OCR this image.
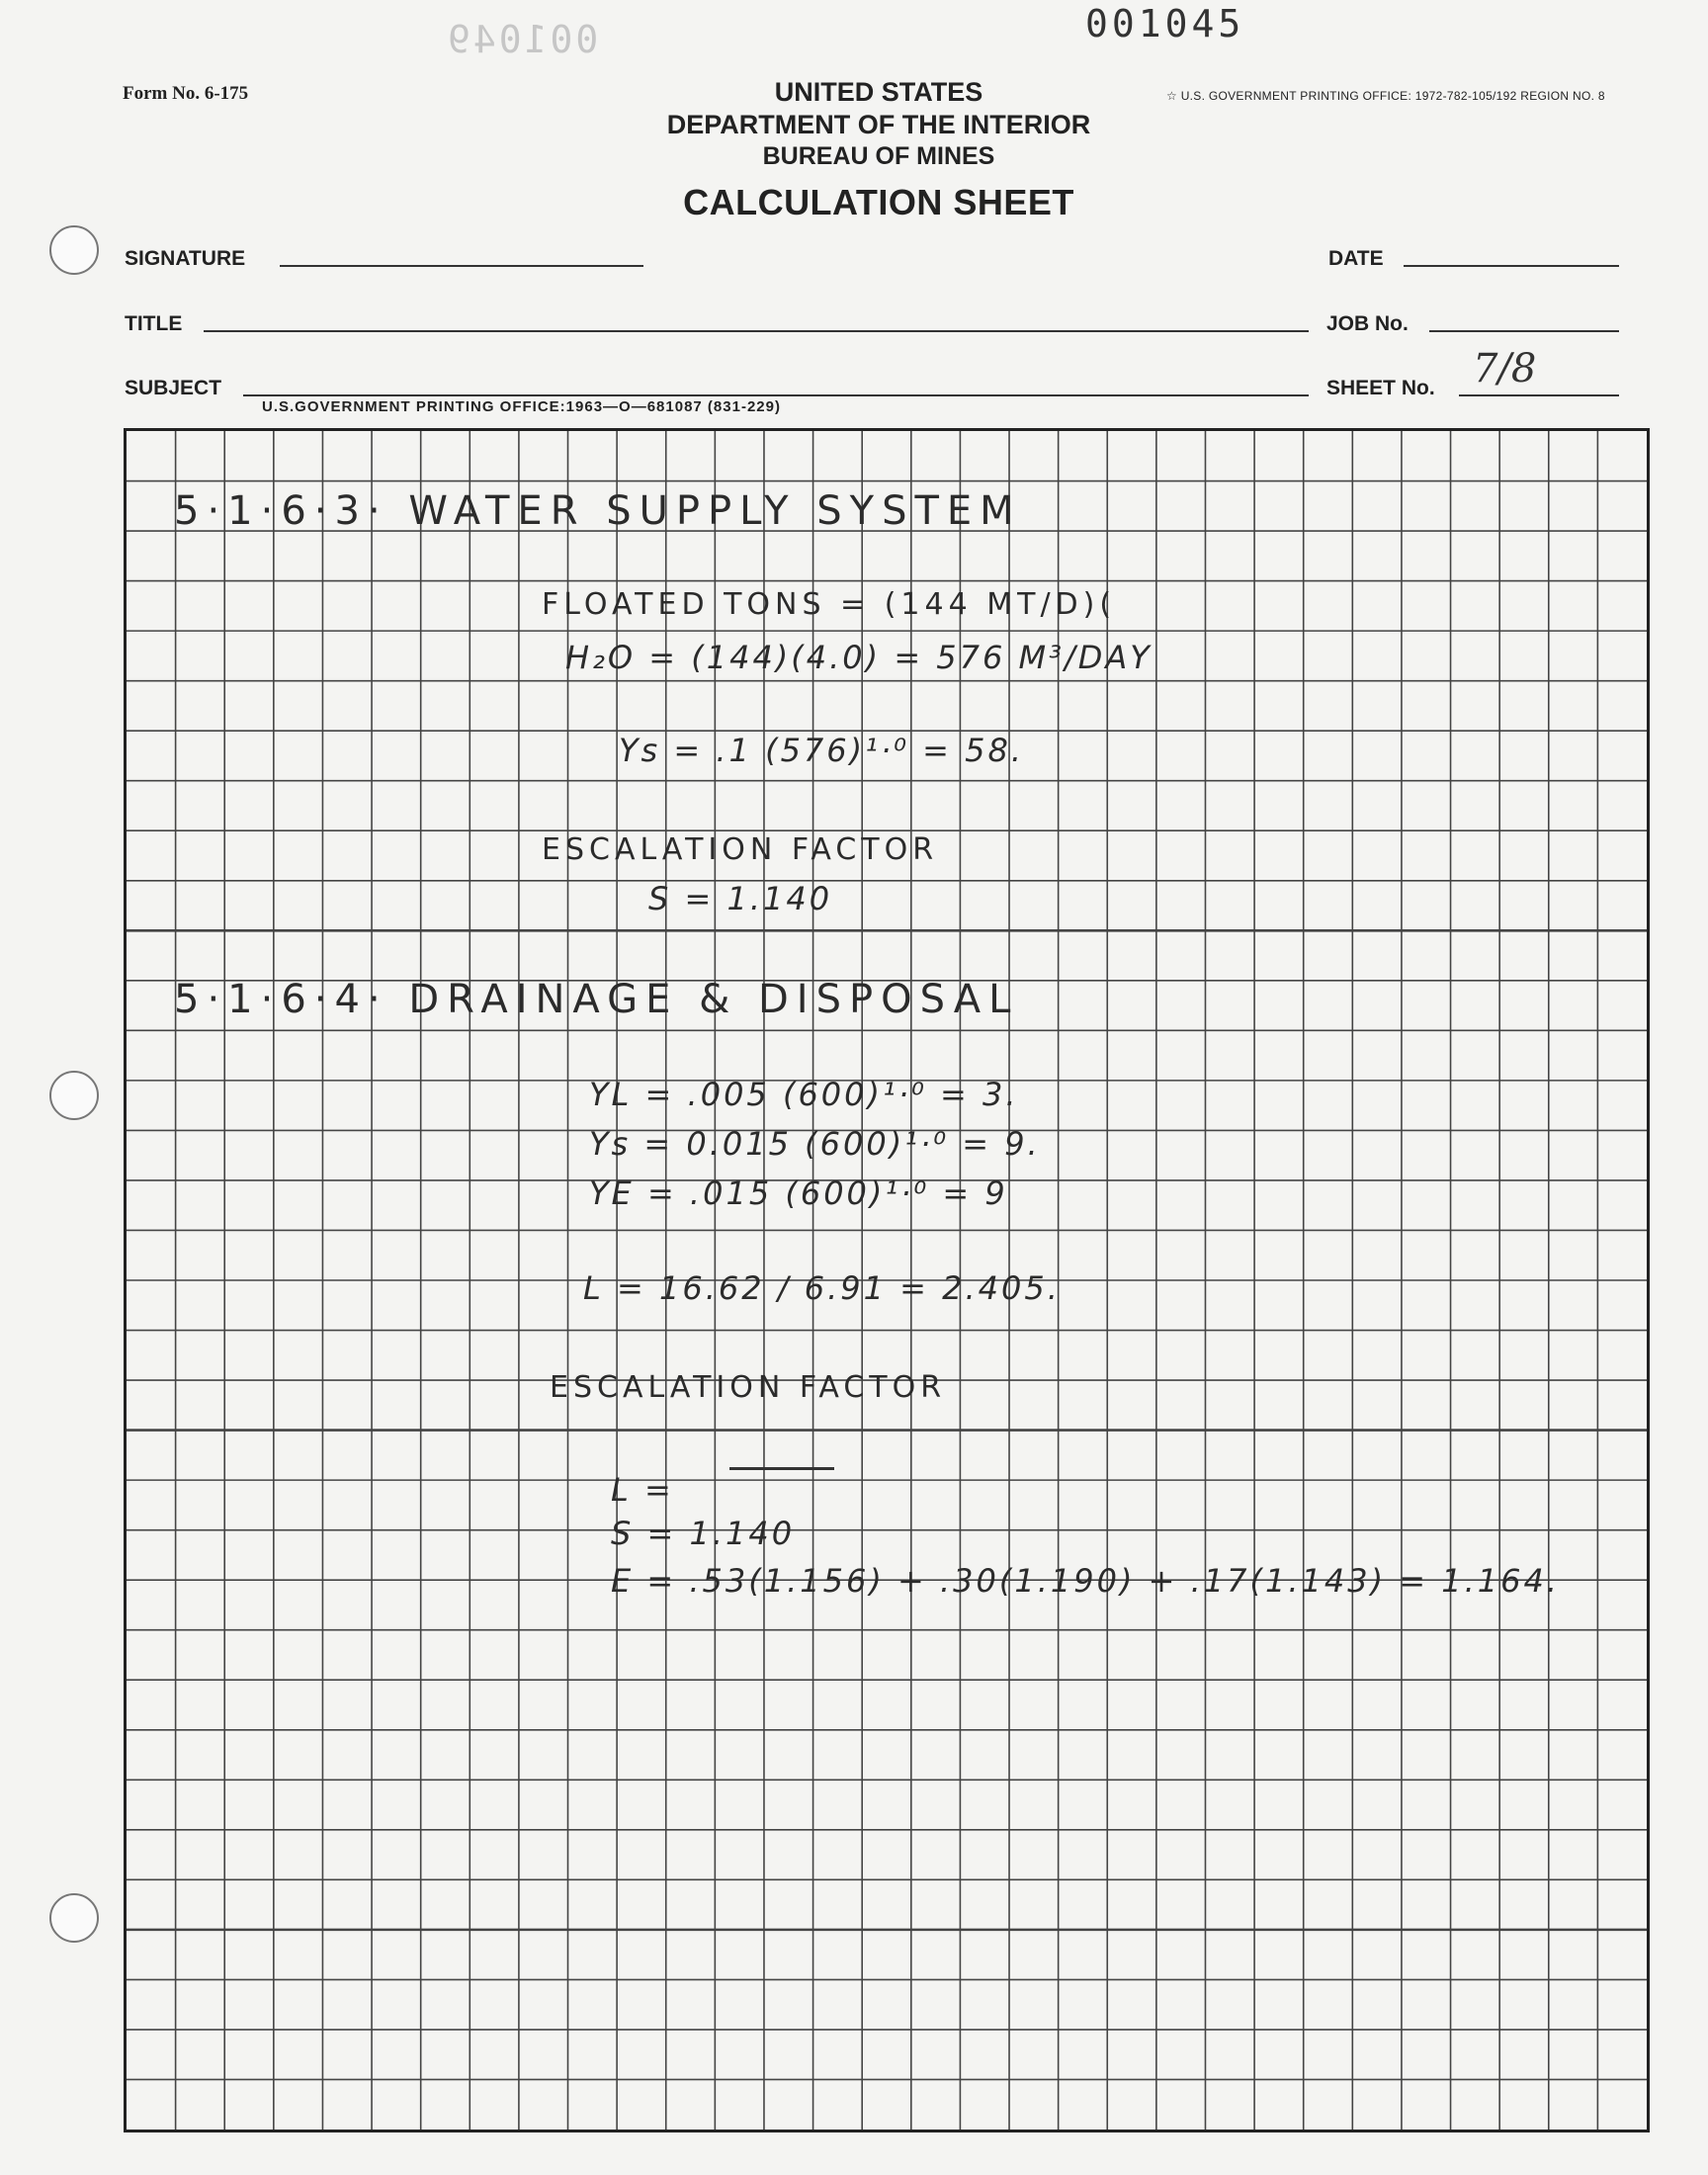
001049	001045
Form No. 6-175	☆ U.S. GOVERNMENT PRINTING OFFICE: 1972-782-105/192 REGION NO. 8
UNITED STATES
DEPARTMENT OF THE INTERIOR
BUREAU OF MINES
CALCULATION SHEET
SIGNATURE	DATE
TITLE	JOB No.
SUBJECT	SHEET No. 7/8
U.S.GOVERNMENT PRINTING OFFICE:1963—O—681087 (831-229)
5·1·6·3· WATER SUPPLY SYSTEM
FLOATED TONS = (144 MT/D)(
H₂O = (144)(4.0) = 576 M³/DAY
Ys = .1 (576)¹·⁰ = 58.
ESCALATION FACTOR
S = 1.140
5·1·6·4· DRAINAGE & DISPOSAL
YL = .005 (600)¹·⁰ = 3.
Ys = 0.015 (600)¹·⁰ = 9.
YE = .015 (600)¹·⁰ = 9
L = 16.62 / 6.91 = 2.405.
ESCALATION FACTOR
L =
S = 1.140
E = .53(1.156) + .30(1.190) + .17(1.143) = 1.164.
